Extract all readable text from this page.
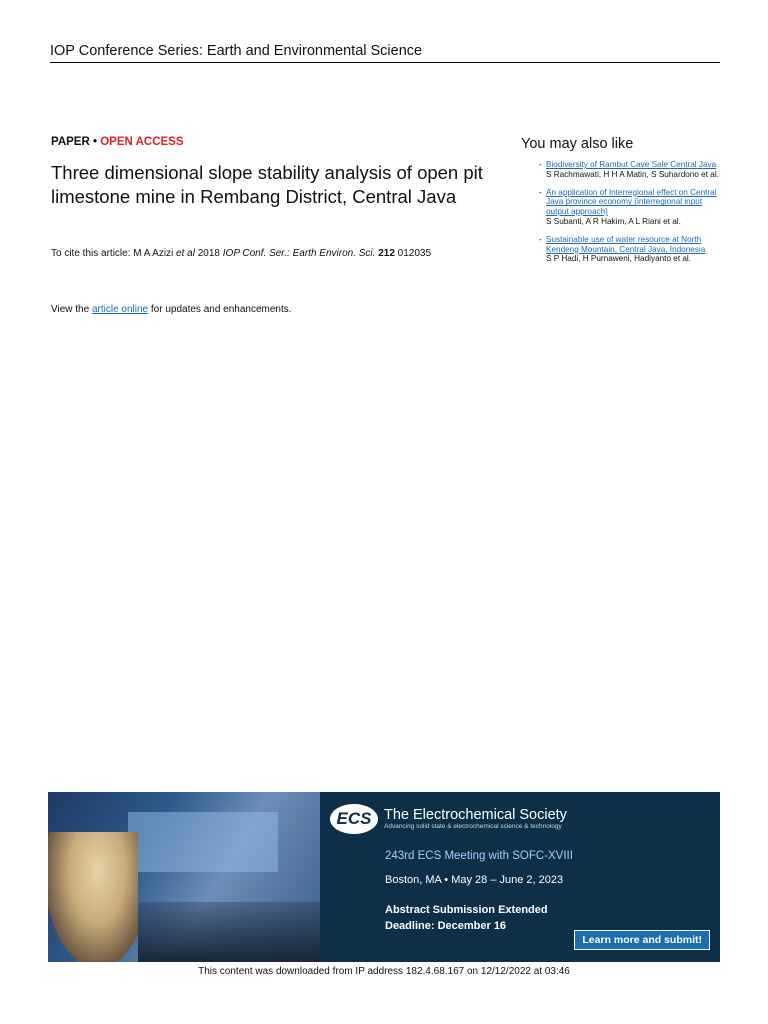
IOP Conference Series: Earth and Environmental Science
PAPER • OPEN ACCESS
Three dimensional slope stability analysis of open pit limestone mine in Rembang District, Central Java
To cite this article: M A Azizi et al 2018 IOP Conf. Ser.: Earth Environ. Sci. 212 012035
View the article online for updates and enhancements.
You may also like
- Biodiversity of Rambut Cave Sale Central Java
S Rachmawati, H H A Matin, S Suhardono et al.
- An application of Interregional effect on Central Java province economy (interregional input output approach)
S Subanti, A R Hakim, A L Riani et al.
- Sustainable use of water resource at North Kendeng Mountain, Central Java, Indonesia
S P Hadi, H Purnaweni, Hadiyanto et al.
ECS The Electrochemical Society
Advancing solid state & electrochemical science & technology
243rd ECS Meeting with SOFC-XVIII
Boston, MA • May 28 – June 2, 2023
Abstract Submission Extended
Deadline: December 16
Learn more and submit!
This content was downloaded from IP address 182.4.68.167 on 12/12/2022 at 03:46
